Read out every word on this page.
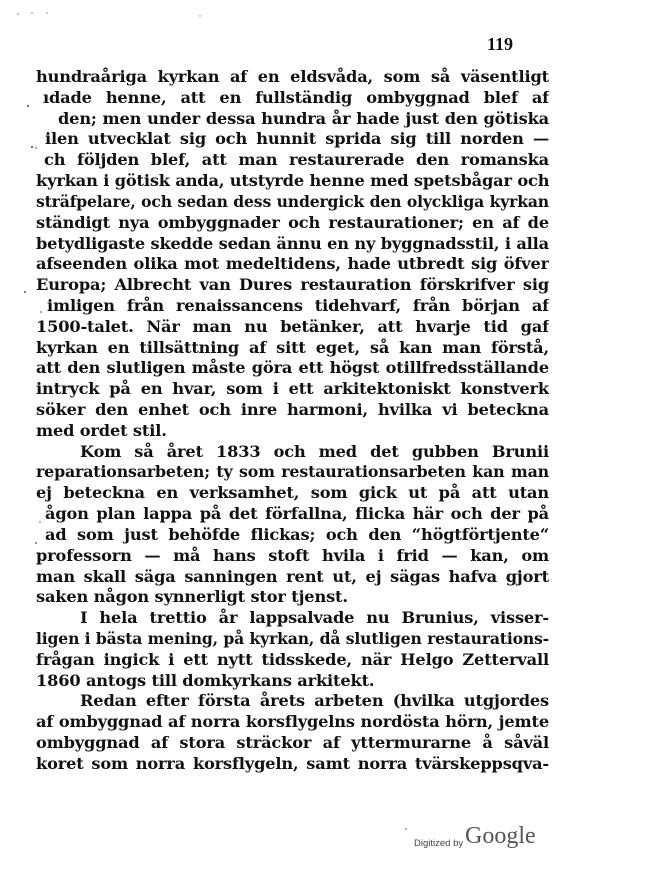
119
hundraåriga kyrkan af en eldsvåda, som så väsentligt
ıdade henne, att en fullständig ombyggnad blef af
den; men under dessa hundra år hade just den götiska
ilen utvecklat sig och hunnit sprida sig till norden —
ch följden blef, att man restaurerade den romanska
kyrkan i götisk anda, utstyrde henne med spetsbågar och
sträfpelare, och sedan dess undergick den olyckliga kyrkan
ständigt nya ombyggnader och restaurationer; en af de
betydligaste skedde sedan ännu en ny byggnadsstil, i alla
afseenden olika mot medeltidens, hade utbredt sig öfver
Europa; Albrecht van Dures restauration förskrifver sig
imligen från renaissancens tidehvarf, från början af
1500-talet. När man nu betänker, att hvarje tid gaf
kyrkan en tillsättning af sitt eget, så kan man förstå,
att den slutligen måste göra ett högst otillfredsställande
intryck på en hvar, som i ett arkitektoniskt konstverk
söker den enhet och inre harmoni, hvilka vi beteckna
med ordet stil.
Kom så året 1833 och med det gubben Brunii
reparationsarbeten; ty som restaurationsarbeten kan man
ej beteckna en verksamhet, som gick ut på att utan
ågon plan lappa på det förfallna, flicka här och der på
ad som just behöfde flickas; och den “högtförtjente“
professorn — må hans stoft hvila i frid — kan, om
man skall säga sanningen rent ut, ej sägas hafva gjort
saken någon synnerligt stor tjenst.
I hela trettio år lappsalvade nu Brunius, visser-
ligen i bästa mening, på kyrkan, då slutligen restaurations-
frågan ingick i ett nytt tidsskede, när Helgo Zettervall
1860 antogs till domkyrkans arkitekt.
Redan efter första årets arbeten (hvilka utgjordes
af ombyggnad af norra korsflygelns nordösta hörn, jemte
ombyggnad af stora sträckor af yttermurarne å såväl
koret som norra korsflygeln, samt norra tvärskeppsqva-
Digitized by Google
